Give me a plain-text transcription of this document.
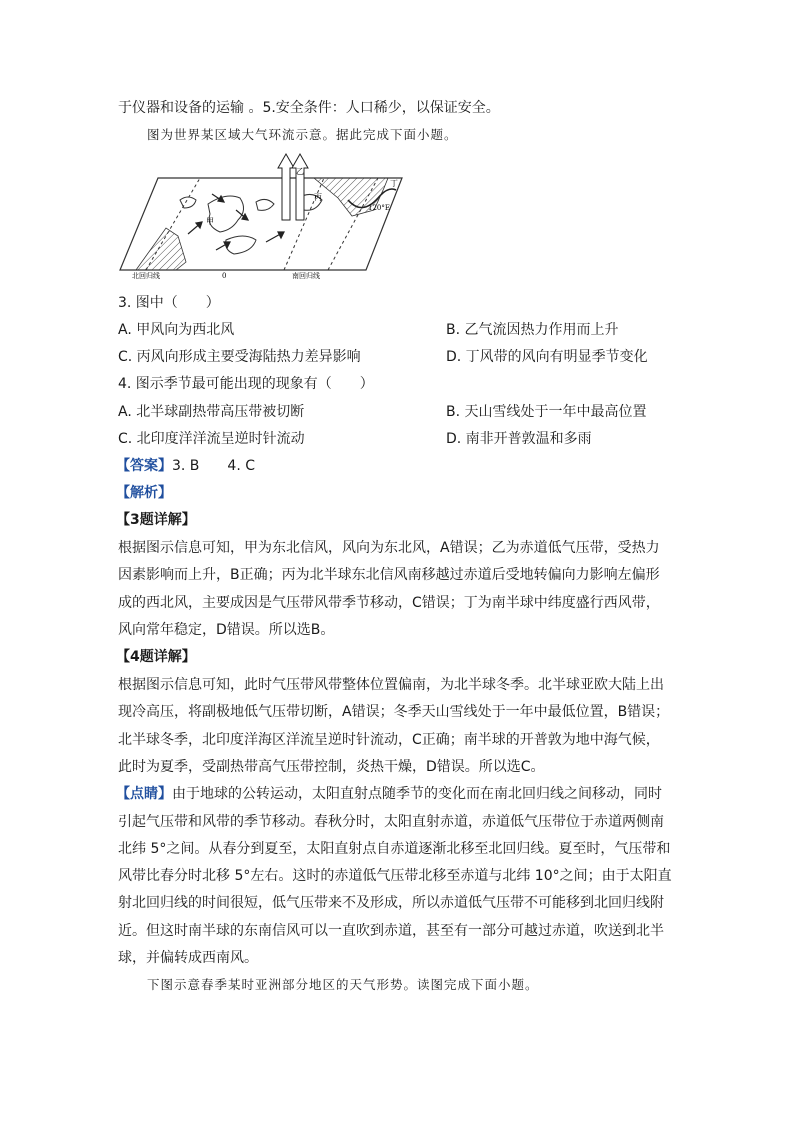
于仪器和设备的运输 。5.安全条件：人口稀少，以保证安全。
图为世界某区域大气环流示意。据此完成下面小题。
甲
乙
丙
丁
120°E
北回归线	0	南回归线
3. 图中（　　）
A. 甲风向为西北风	B. 乙气流因热力作用而上升
C. 丙风向形成主要受海陆热力差异影响	D. 丁风带的风向有明显季节变化
4. 图示季节最可能出现的现象有（　　）
A. 北半球副热带高压带被切断	B. 天山雪线处于一年中最高位置
C. 北印度洋洋流呈逆时针流动	D. 南非开普敦温和多雨
【答案】3. B　　4. C
【解析】
【3题详解】
根据图示信息可知，甲为东北信风，风向为东北风，A错误；乙为赤道低气压带，受热力
因素影响而上升，B正确；丙为北半球东北信风南移越过赤道后受地转偏向力影响左偏形
成的西北风，主要成因是气压带风带季节移动，C错误；丁为南半球中纬度盛行西风带，
风向常年稳定，D错误。所以选B。
【4题详解】
根据图示信息可知，此时气压带风带整体位置偏南，为北半球冬季。北半球亚欧大陆上出
现冷高压，将副极地低气压带切断，A错误；冬季天山雪线处于一年中最低位置，B错误；
北半球冬季，北印度洋海区洋流呈逆时针流动，C正确；南半球的开普敦为地中海气候，
此时为夏季，受副热带高气压带控制，炎热干燥，D错误。所以选C。
【点睛】由于地球的公转运动，太阳直射点随季节的变化而在南北回归线之间移动，同时
引起气压带和风带的季节移动。春秋分时，太阳直射赤道，赤道低气压带位于赤道两侧南
北纬 5°之间。从春分到夏至，太阳直射点自赤道逐渐北移至北回归线。夏至时，气压带和
风带比春分时北移 5°左右。这时的赤道低气压带北移至赤道与北纬 10°之间；由于太阳直
射北回归线的时间很短，低气压带来不及形成，所以赤道低气压带不可能移到北回归线附
近。但这时南半球的东南信风可以一直吹到赤道，甚至有一部分可越过赤道，吹送到北半
球，并偏转成西南风。
下图示意春季某时亚洲部分地区的天气形势。读图完成下面小题。
